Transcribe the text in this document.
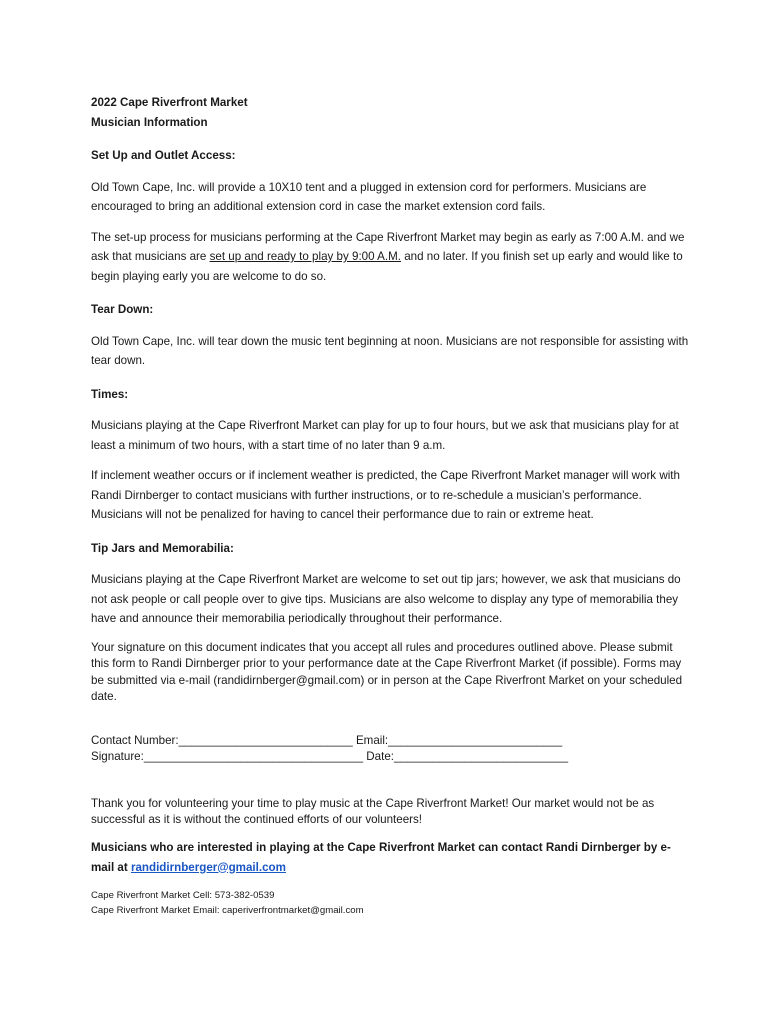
2022 Cape Riverfront Market
Musician Information
Set Up and Outlet Access:

Old Town Cape, Inc. will provide a 10X10 tent and a plugged in extension cord for performers. Musicians are encouraged to bring an additional extension cord in case the market extension cord fails.

The set-up process for musicians performing at the Cape Riverfront Market may begin as early as 7:00 A.M. and we ask that musicians are set up and ready to play by 9:00 A.M. and no later. If you finish set up early and would like to begin playing early you are welcome to do so.

Tear Down:

Old Town Cape, Inc. will tear down the music tent beginning at noon. Musicians are not responsible for assisting with tear down.

Times:

Musicians playing at the Cape Riverfront Market can play for up to four hours, but we ask that musicians play for at least a minimum of two hours, with a start time of no later than 9 a.m.

If inclement weather occurs or if inclement weather is predicted, the Cape Riverfront Market manager will work with Randi Dirnberger to contact musicians with further instructions, or to re-schedule a musician’s performance. Musicians will not be penalized for having to cancel their performance due to rain or extreme heat.

Tip Jars and Memorabilia:

Musicians playing at the Cape Riverfront Market are welcome to set out tip jars; however, we ask that musicians do not ask people or call people over to give tips. Musicians are also welcome to display any type of memorabilia they have and announce their memorabilia periodically throughout their performance.

Your signature on this document indicates that you accept all rules and procedures outlined above. Please submit this form to Randi Dirnberger prior to your performance date at the Cape Riverfront Market (if possible). Forms may be submitted via e-mail (randidirnberger@gmail.com) or in person at the Cape Riverfront Market on your scheduled date.

Contact Number:___________________________ Email:___________________________
Signature:__________________________________ Date:___________________________

Thank you for volunteering your time to play music at the Cape Riverfront Market! Our market would not be as successful as it is without the continued efforts of our volunteers!

Musicians who are interested in playing at the Cape Riverfront Market can contact Randi Dirnberger by e-mail at randidirnberger@gmail.com

Cape Riverfront Market Cell: 573-382-0539
Cape Riverfront Market Email: caperiverfrontmarket@gmail.com
